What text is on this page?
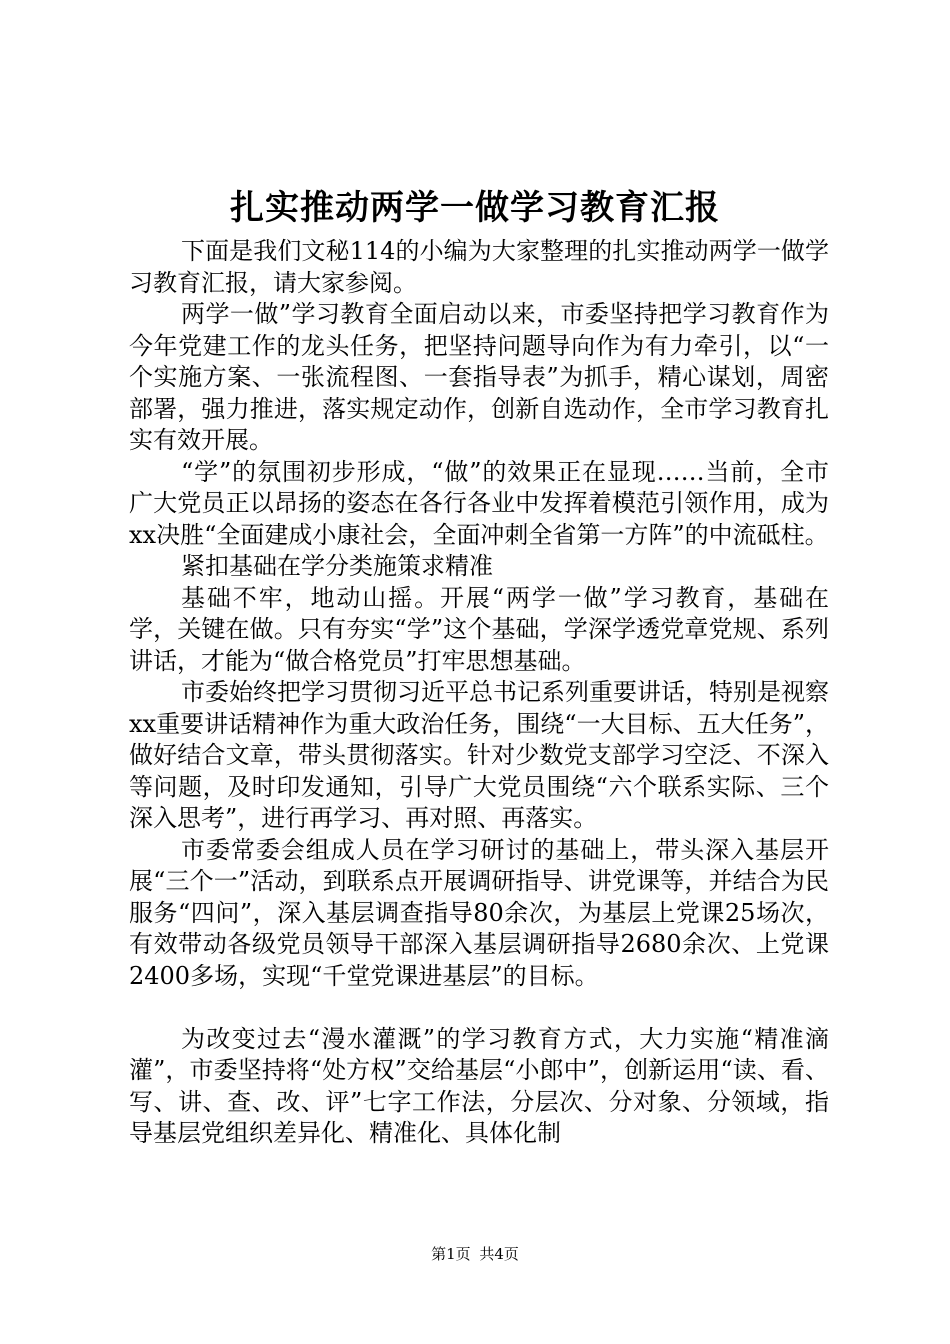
扎实推动两学一做学习教育汇报

下面是我们文秘114的小编为大家整理的扎实推动两学一做学习教育汇报，请大家参阅。

两学一做”学习教育全面启动以来，市委坚持把学习教育作为今年党建工作的龙头任务，把坚持问题导向作为有力牵引，以“一个实施方案、一张流程图、一套指导表”为抓手，精心谋划，周密部署，强力推进，落实规定动作，创新自选动作，全市学习教育扎实有效开展。

“学”的氛围初步形成，“做”的效果正在显现……当前，全市广大党员正以昂扬的姿态在各行各业中发挥着模范引领作用，成为xx决胜“全面建成小康社会，全面冲刺全省第一方阵”的中流砥柱。

紧扣基础在学分类施策求精准

基础不牢，地动山摇。开展“两学一做”学习教育，基础在学，关键在做。只有夯实“学”这个基础，学深学透党章党规、系列讲话，才能为“做合格党员”打牢思想基础。

市委始终把学习贯彻习近平总书记系列重要讲话，特别是视察xx重要讲话精神作为重大政治任务，围绕“一大目标、五大任务”，做好结合文章，带头贯彻落实。针对少数党支部学习空泛、不深入等问题，及时印发通知，引导广大党员围绕“六个联系实际、三个深入思考”，进行再学习、再对照、再落实。

市委常委会组成人员在学习研讨的基础上，带头深入基层开展“三个一”活动，到联系点开展调研指导、讲党课等，并结合为民服务“四问”，深入基层调查指导80余次，为基层上党课25场次，有效带动各级党员领导干部深入基层调研指导2680余次、上党课2400多场，实现“千堂党课进基层”的目标。

为改变过去“漫水灌溉”的学习教育方式，大力实施“精准滴灌”，市委坚持将“处方权”交给基层“小郎中”，创新运用“读、看、写、讲、查、改、评”七字工作法，分层次、分对象、分领域，指导基层党组织差异化、精准化、具体化制

第1页 共4页
